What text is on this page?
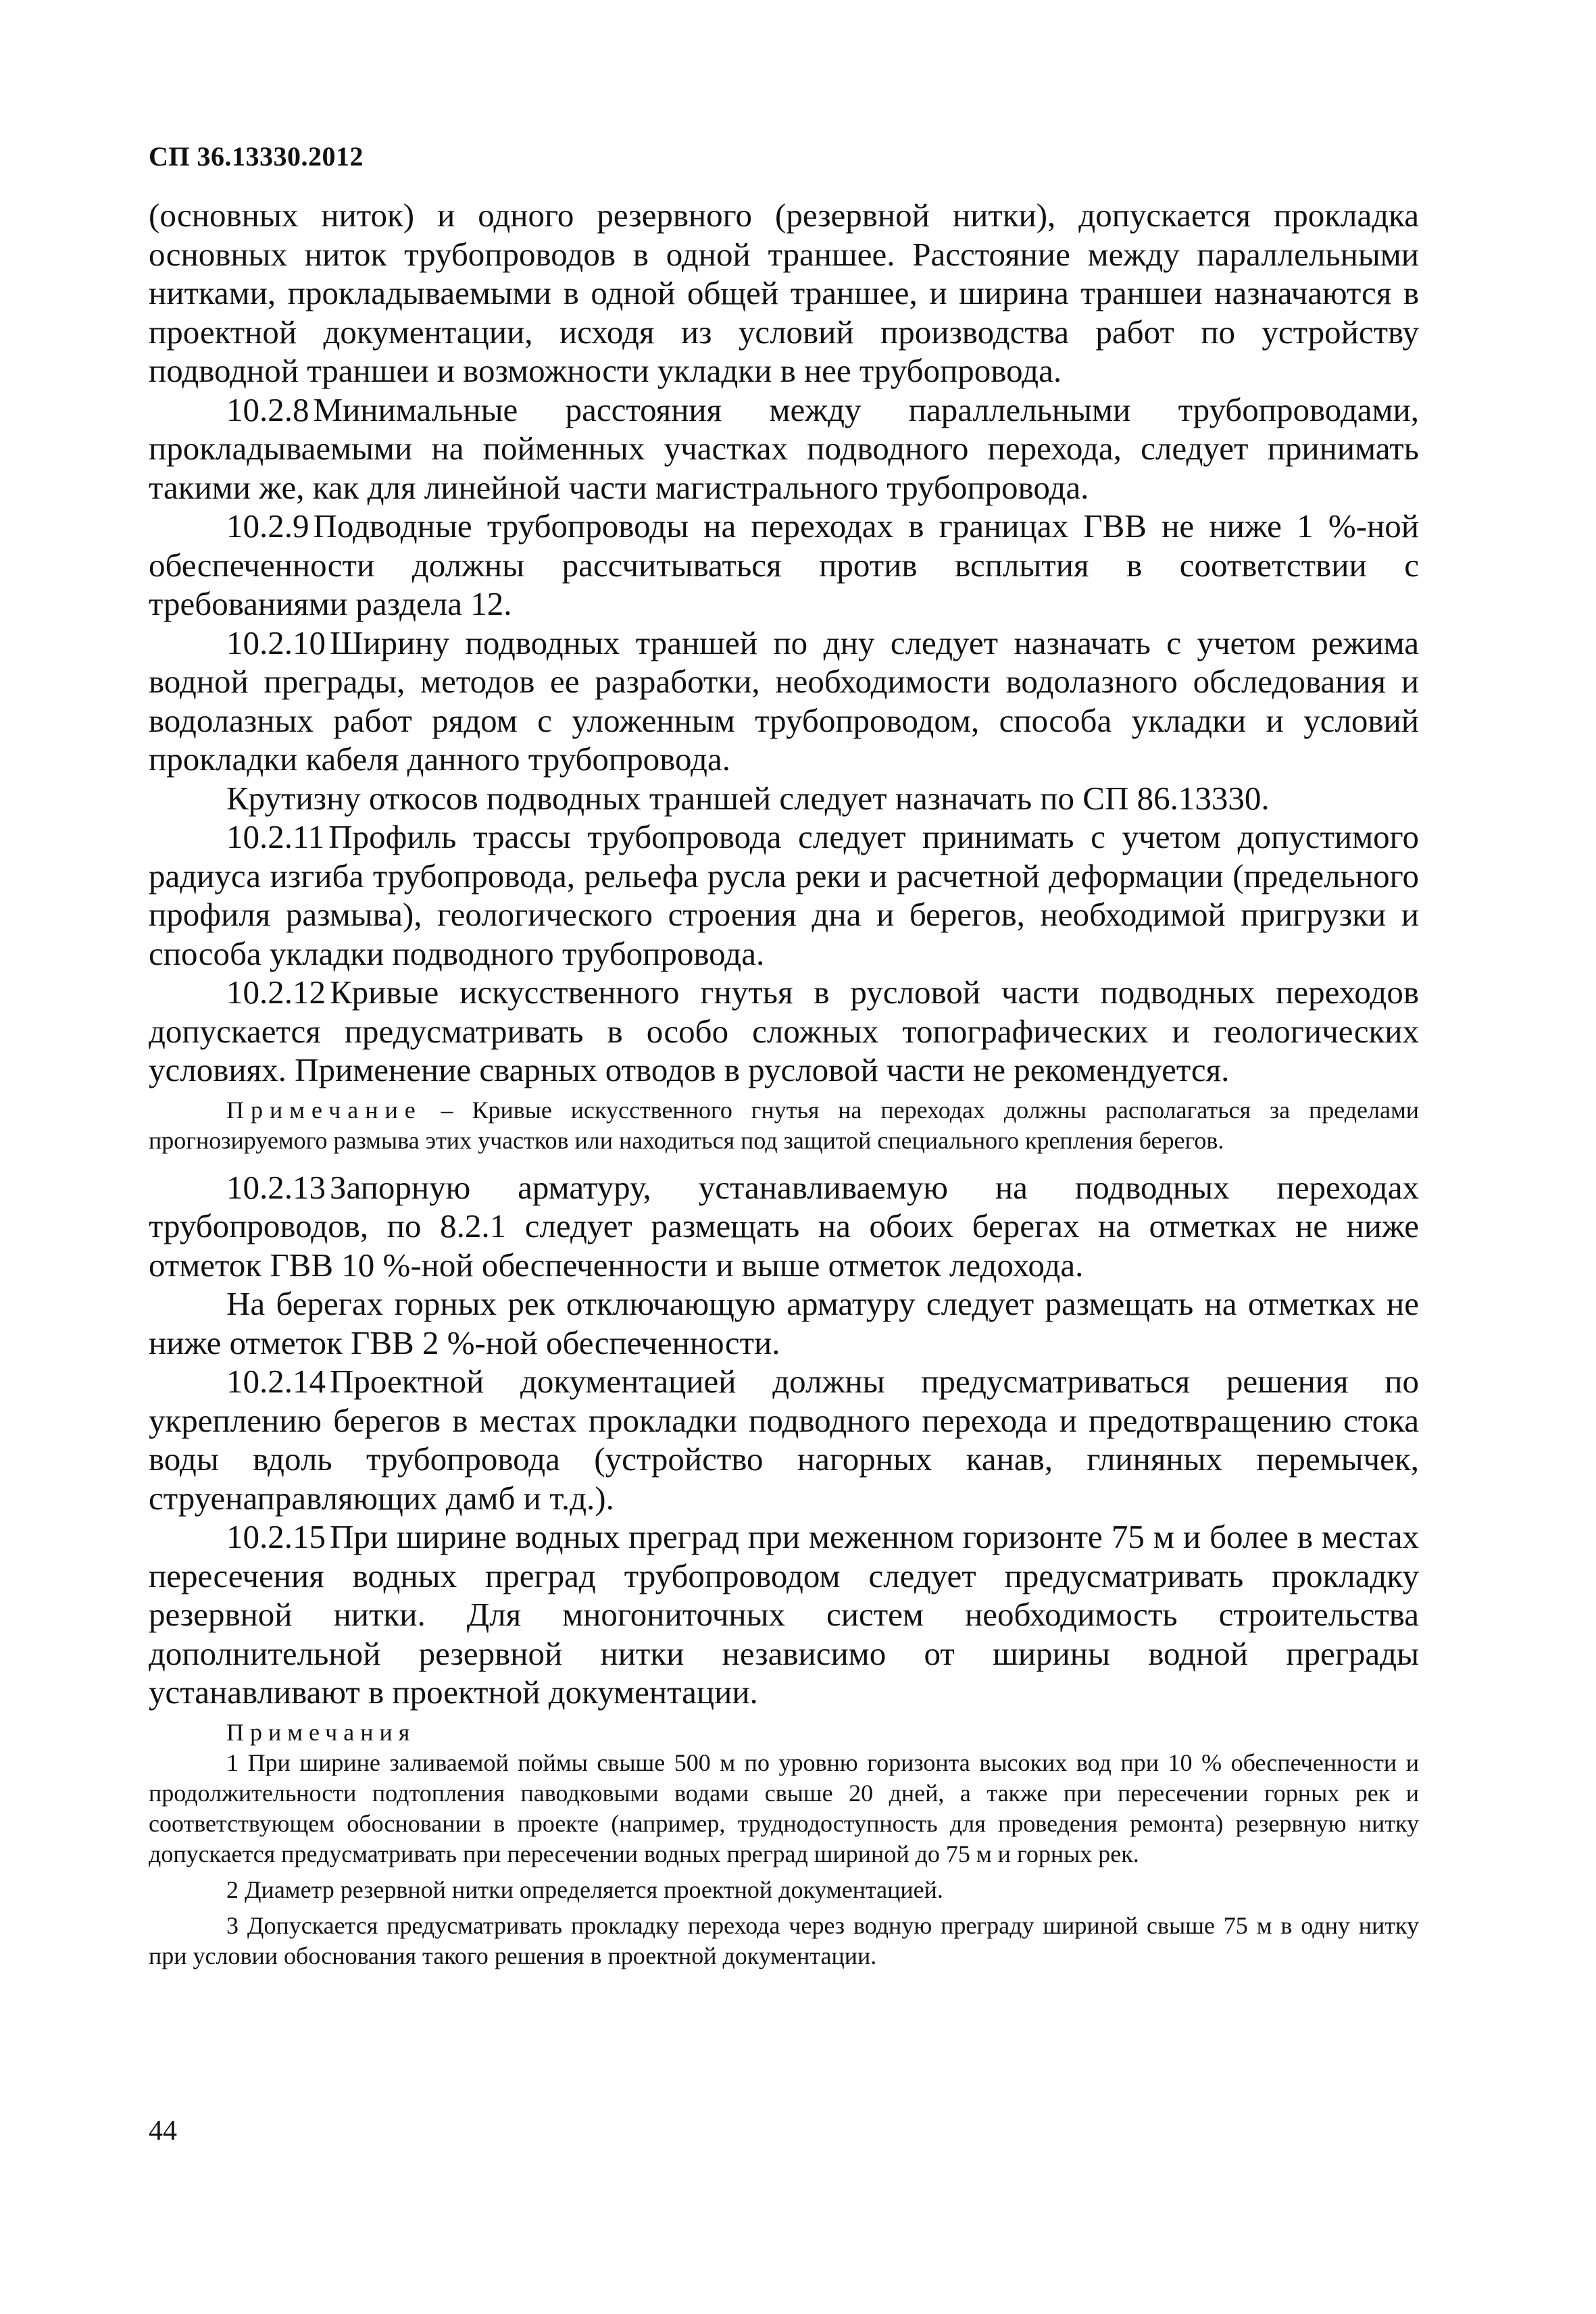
СП 36.13330.2012

(основных ниток) и одного резервного (резервной нитки), допускается прокладка основных ниток трубопроводов в одной траншее. Расстояние между параллельными нитками, прокладываемыми в одной общей траншее, и ширина траншеи назначаются в проектной документации, исходя из условий производства работ по устройству подводной траншеи и возможности укладки в нее трубопровода.

10.2.8 Минимальные расстояния между параллельными трубопроводами, прокладываемыми на пойменных участках подводного перехода, следует принимать такими же, как для линейной части магистрального трубопровода.

10.2.9 Подводные трубопроводы на переходах в границах ГВВ не ниже 1 %-ной обеспеченности должны рассчитываться против всплытия в соответствии с требованиями раздела 12.

10.2.10 Ширину подводных траншей по дну следует назначать с учетом режима водной преграды, методов ее разработки, необходимости водолазного обследования и водолазных работ рядом с уложенным трубопроводом, способа укладки и условий прокладки кабеля данного трубопровода.

Крутизну откосов подводных траншей следует назначать по СП 86.13330.

10.2.11 Профиль трассы трубопровода следует принимать с учетом допустимого радиуса изгиба трубопровода, рельефа русла реки и расчетной деформации (предельного профиля размыва), геологического строения дна и берегов, необходимой пригрузки и способа укладки подводного трубопровода.

10.2.12 Кривые искусственного гнутья в русловой части подводных переходов допускается предусматривать в особо сложных топографических и геологических условиях. Применение сварных отводов в русловой части не рекомендуется.

Примечание – Кривые искусственного гнутья на переходах должны располагаться за пределами прогнозируемого размыва этих участков или находиться под защитой специального крепления берегов.

10.2.13 Запорную арматуру, устанавливаемую на подводных переходах трубопроводов, по 8.2.1 следует размещать на обоих берегах на отметках не ниже отметок ГВВ 10 %-ной обеспеченности и выше отметок ледохода.

На берегах горных рек отключающую арматуру следует размещать на отметках не ниже отметок ГВВ 2 %-ной обеспеченности.

10.2.14 Проектной документацией должны предусматриваться решения по укреплению берегов в местах прокладки подводного перехода и предотвращению стока воды вдоль трубопровода (устройство нагорных канав, глиняных перемычек, струенаправляющих дамб и т.д.).

10.2.15 При ширине водных преград при меженном горизонте 75 м и более в местах пересечения водных преград трубопроводом следует предусматривать прокладку резервной нитки. Для многониточных систем необходимость строительства дополнительной резервной нитки независимо от ширины водной преграды устанавливают в проектной документации.

Примечания

1 При ширине заливаемой поймы свыше 500 м по уровню горизонта высоких вод при 10 % обеспеченности и продолжительности подтопления паводковыми водами свыше 20 дней, а также при пересечении горных рек и соответствующем обосновании в проекте (например, труднодоступность для проведения ремонта) резервную нитку допускается предусматривать при пересечении водных преград шириной до 75 м и горных рек.

2 Диаметр резервной нитки определяется проектной документацией.

3 Допускается предусматривать прокладку перехода через водную преграду шириной свыше 75 м в одну нитку при условии обоснования такого решения в проектной документации.

44
